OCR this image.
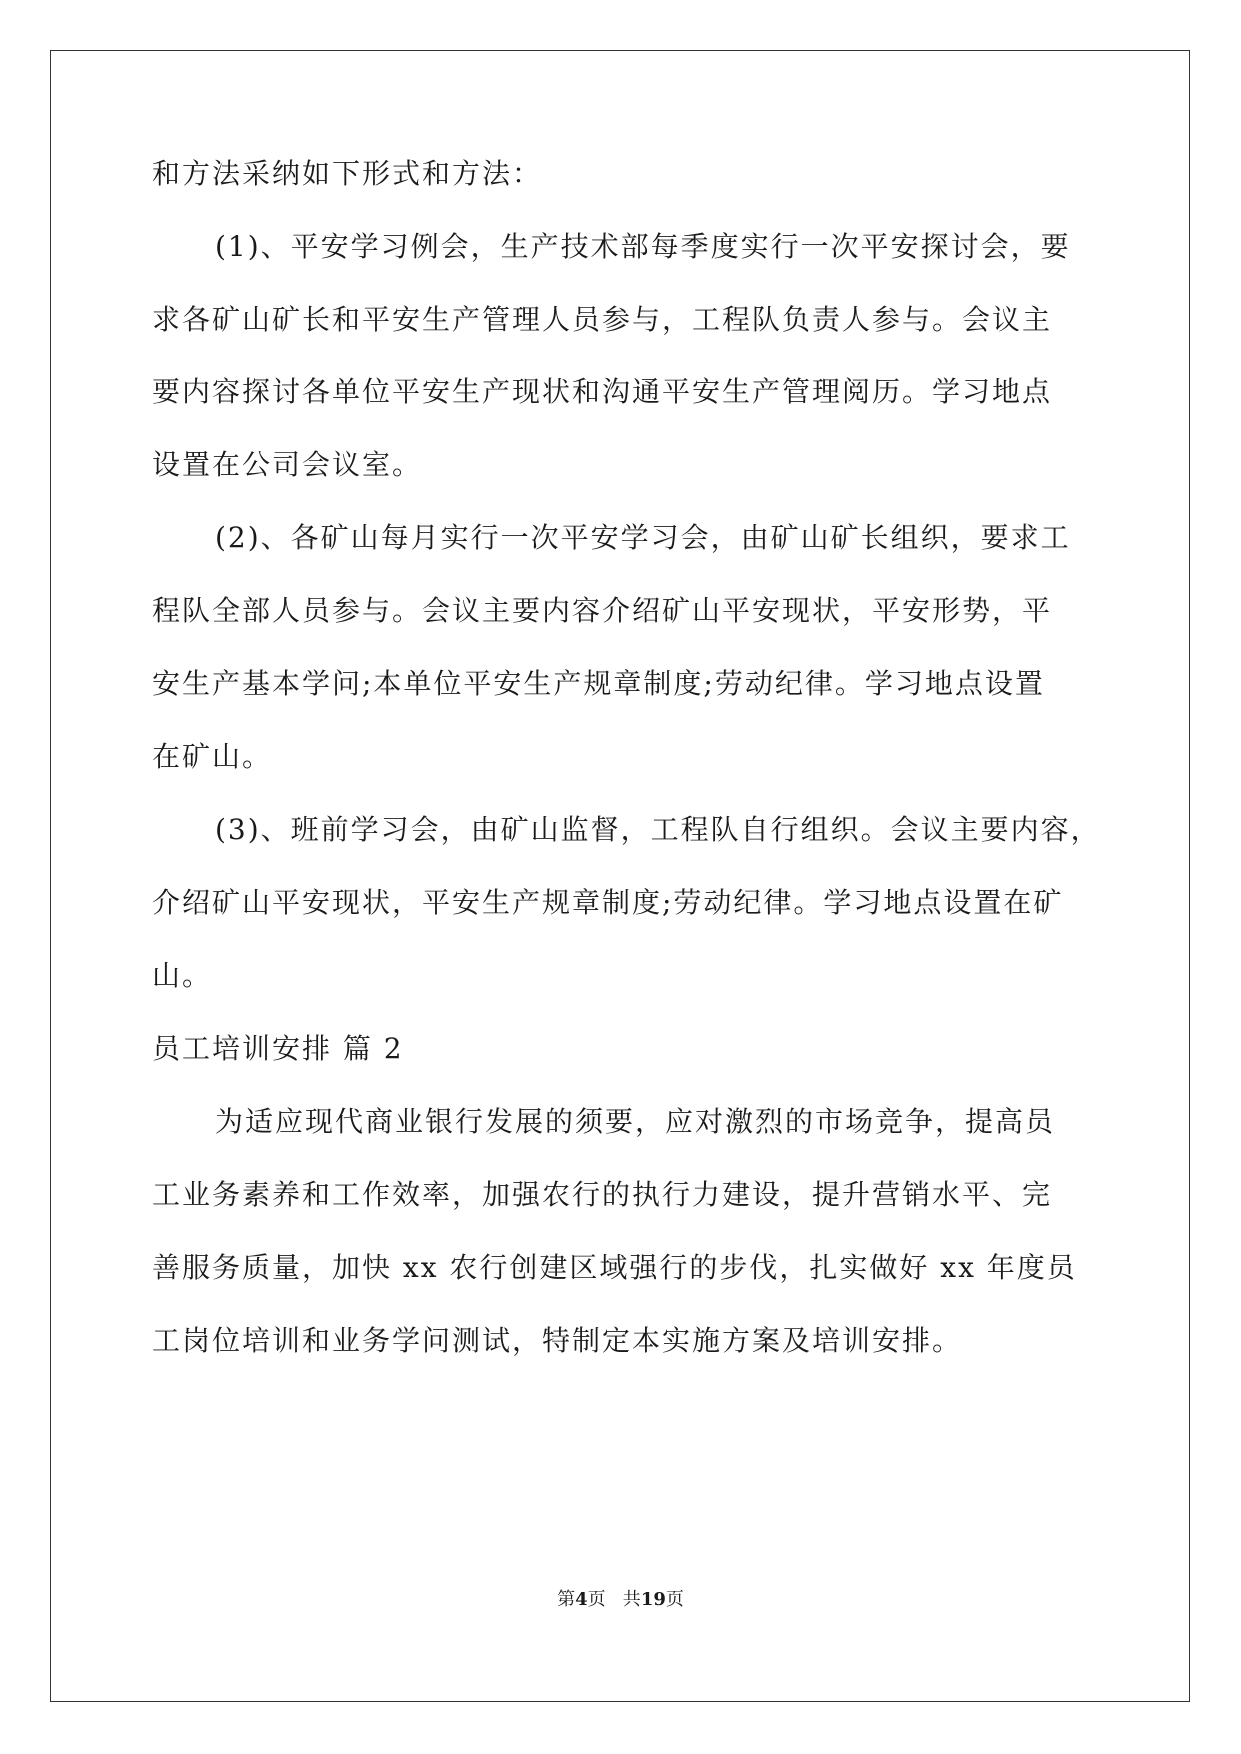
和方法采纳如下形式和方法：
(1)、平安学习例会，生产技术部每季度实行一次平安探讨会，要
求各矿山矿长和平安生产管理人员参与，工程队负责人参与。会议主
要内容探讨各单位平安生产现状和沟通平安生产管理阅历。学习地点
设置在公司会议室。
(2)、各矿山每月实行一次平安学习会，由矿山矿长组织，要求工
程队全部人员参与。会议主要内容介绍矿山平安现状，平安形势，平
安生产基本学问;本单位平安生产规章制度;劳动纪律。学习地点设置
在矿山。
(3)、班前学习会，由矿山监督，工程队自行组织。会议主要内容，
介绍矿山平安现状，平安生产规章制度;劳动纪律。学习地点设置在矿
山。
员工培训安排 篇 2
为适应现代商业银行发展的须要，应对激烈的市场竞争，提高员
工业务素养和工作效率，加强农行的执行力建设，提升营销水平、完
善服务质量，加快 xx 农行创建区域强行的步伐，扎实做好 xx 年度员
工岗位培训和业务学问测试，特制定本实施方案及培训安排。
第4页   共19页
